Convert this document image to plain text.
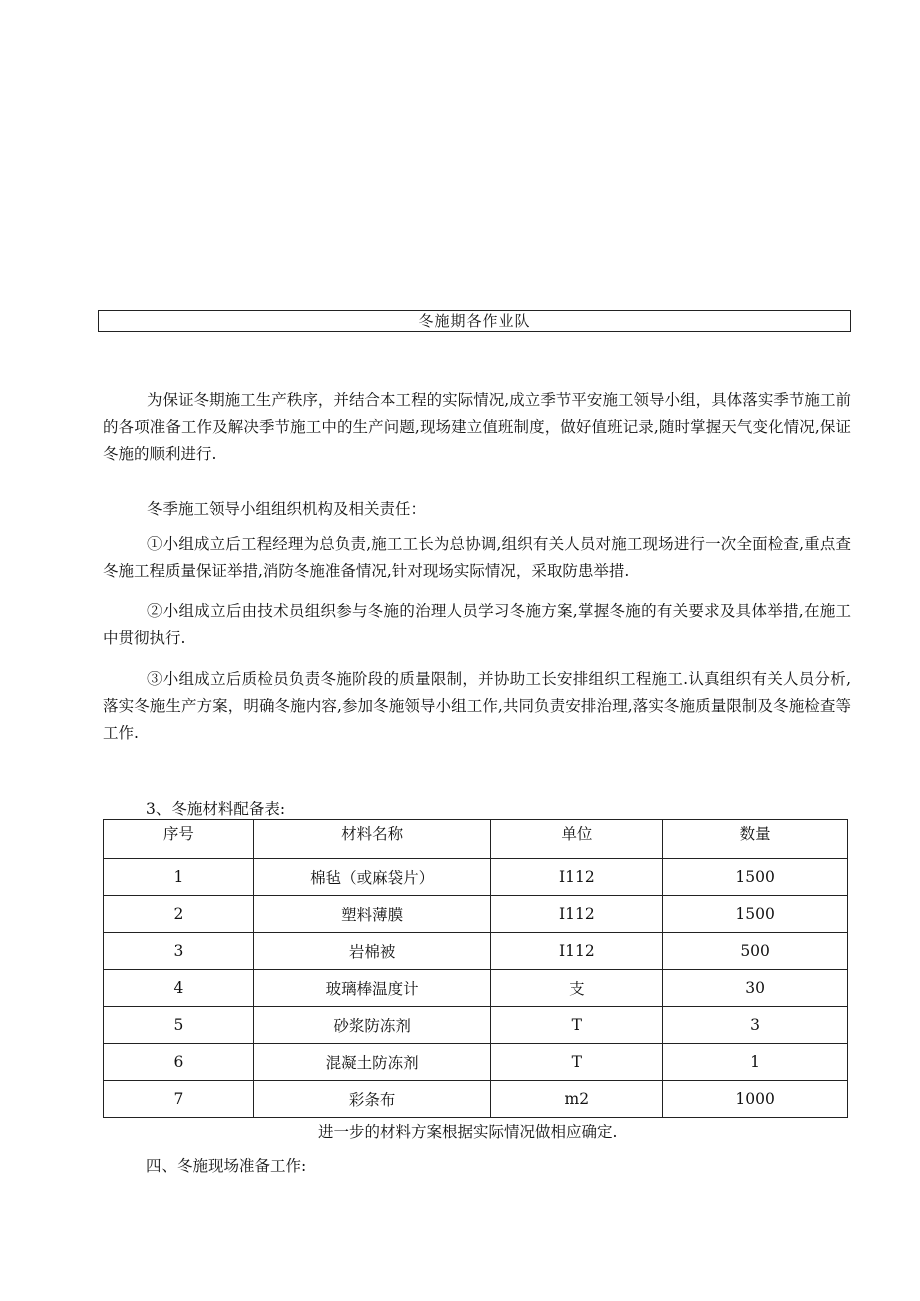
冬施期各作业队

为保证冬期施工生产秩序，并结合本工程的实际情况,成立季节平安施工领导小组，具体落实季节施工前的各项准备工作及解决季节施工中的生产问题,现场建立值班制度，做好值班记录,随时掌握天气变化情况,保证冬施的顺利进行.

冬季施工领导小组组织机构及相关责任：

①小组成立后工程经理为总负责,施工工长为总协调,组织有关人员对施工现场进行一次全面检查,重点查冬施工程质量保证举措,消防冬施准备情况,针对现场实际情况，采取防患举措.

②小组成立后由技术员组织参与冬施的治理人员学习冬施方案,掌握冬施的有关要求及具体举措,在施工中贯彻执行.

③小组成立后质检员负责冬施阶段的质量限制，并协助工长安排组织工程施工.认真组织有关人员分析,落实冬施生产方案，明确冬施内容,参加冬施领导小组工作,共同负责安排治理,落实冬施质量限制及冬施检查等工作.

3、冬施材料配备表:

序号	材料名称	单位	数量
1	棉毡（或麻袋片）	I112	1500
2	塑料薄膜	I112	1500
3	岩棉被	I112	500
4	玻璃棒温度计	支	30
5	砂浆防冻剂	T	3
6	混凝土防冻剂	T	1
7	彩条布	m2	1000

进一步的材料方案根据实际情况做相应确定.

四、冬施现场准备工作:
